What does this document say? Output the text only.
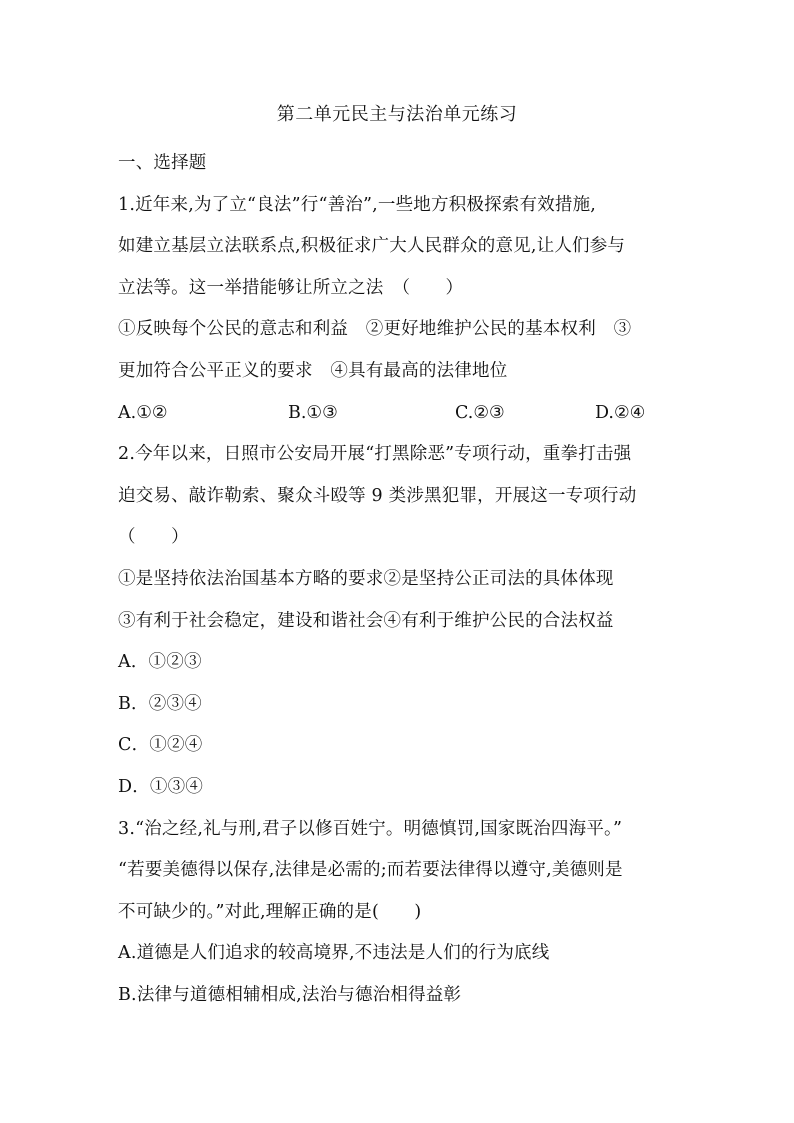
第二单元民主与法治单元练习
一、选择题
1.近年来,为了立“良法”行“善治”,一些地方积极探索有效措施,
如建立基层立法联系点,积极征求广大人民群众的意见,让人们参与
立法等。这一举措能够让所立之法　（　　）
①反映每个公民的意志和利益　②更好地维护公民的基本权利　③
更加符合公平正义的要求　④具有最高的法律地位
A.①②	B.①③	C.②③	D.②④
2.今年以来，日照市公安局开展“打黑除恶”专项行动，重拳打击强
迫交易、敲诈勒索、聚众斗殴等 9 类涉黑犯罪，开展这一专项行动
（　　）
①是坚持依法治国基本方略的要求②是坚持公正司法的具体体现
③有利于社会稳定，建设和谐社会④有利于维护公民的合法权益
A．①②③
B．②③④
C．①②④
D．①③④
3.“治之经,礼与刑,君子以修百姓宁。明德慎罚,国家既治四海平。”
“若要美德得以保存,法律是必需的;而若要法律得以遵守,美德则是
不可缺少的。”对此,理解正确的是(　　)
A.道德是人们追求的较高境界,不违法是人们的行为底线
B.法律与道德相辅相成,法治与德治相得益彰
